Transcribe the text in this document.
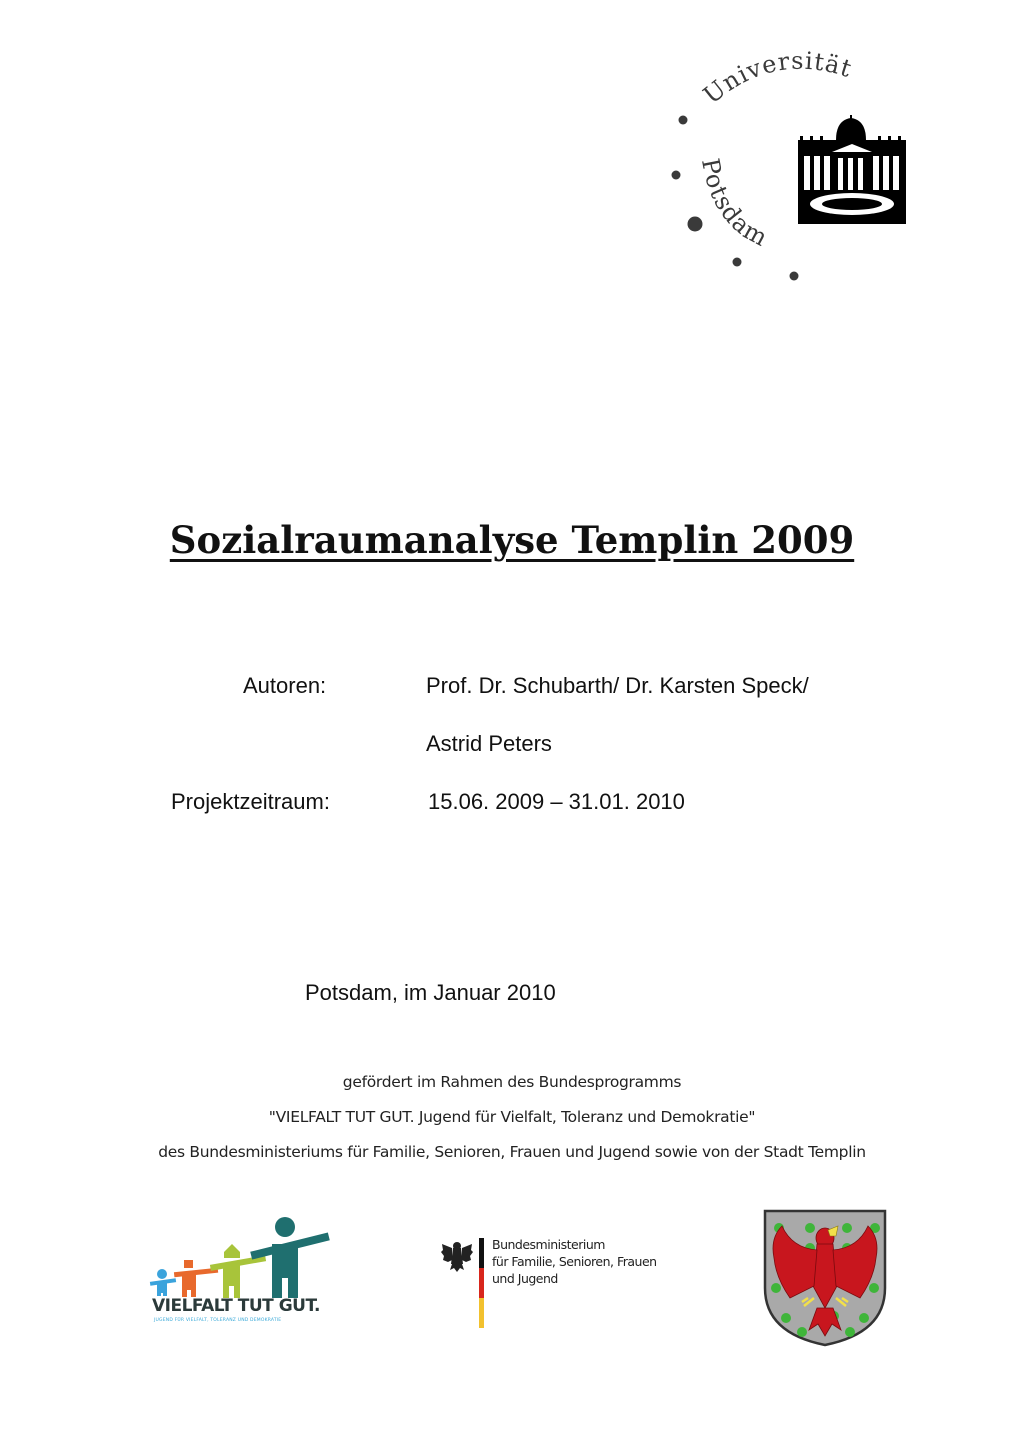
Universität
Potsdam
Sozialraumanalyse Templin 2009
Autoren:	Prof. Dr. Schubarth/ Dr. Karsten Speck/
Astrid Peters
Projektzeitraum:	15.06. 2009 – 31.01. 2010
Potsdam, im Januar 2010
gefördert im Rahmen des Bundesprogramms
"VIELFALT TUT GUT. Jugend für Vielfalt, Toleranz und Demokratie"
des Bundesministeriums für Familie, Senioren, Frauen und Jugend sowie von der Stadt Templin
VIELFALT TUT GUT.
JUGEND FÜR VIELFALT, TOLERANZ UND DEMOKRATIE
Bundesministerium
für Familie, Senioren, Frauen
und Jugend
